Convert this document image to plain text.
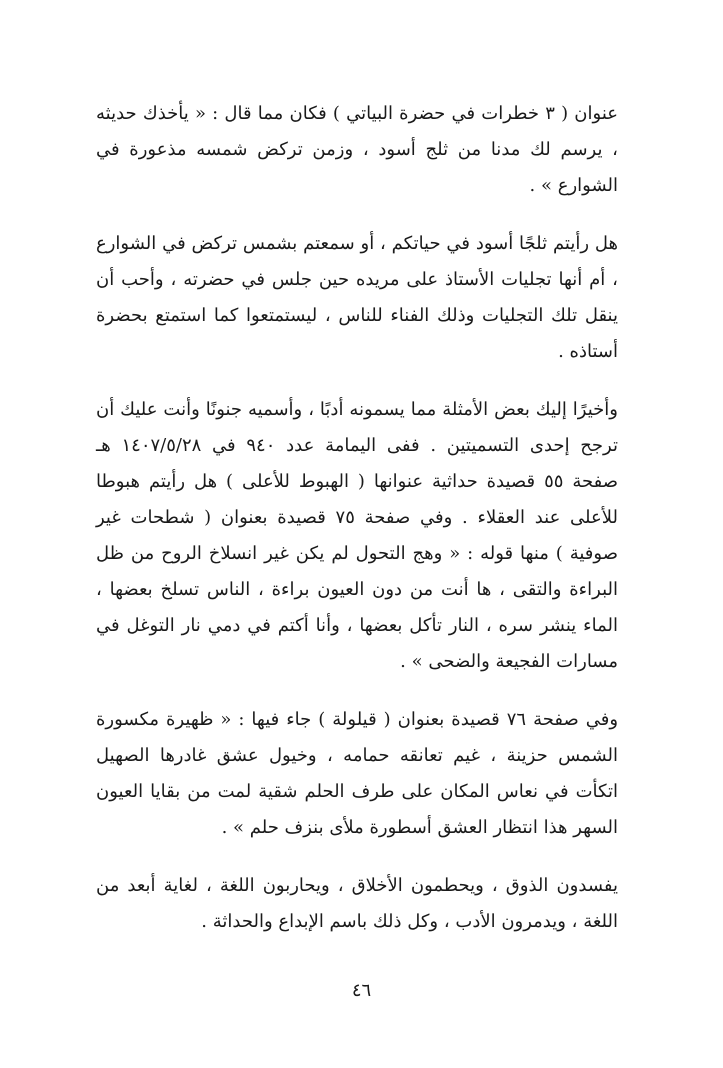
عنوان ( ٣ خطرات في حضرة البياتي ) فكان مما قال : « يأخذك حديثه ، يرسم لك مدنا من ثلج أسود ، وزمن تركض شمسه مذعورة في الشوارع » .

هل رأيتم ثلجًا أسود في حياتكم ، أو سمعتم بشمس تركض في الشوارع ، أم أنها تجليات الأستاذ على مريده حين جلس في حضرته ، وأحب أن ينقل تلك التجليات وذلك الفناء للناس ، ليستمتعوا كما استمتع بحضرة أستاذه .

وأخيرًا إليك بعض الأمثلة مما يسمونه أدبًا ، وأسميه جنونًا وأنت عليك أن ترجح إحدى التسميتين . ففى اليمامة عدد ٩٤٠ في ١٤٠٧/٥/٢٨ هـ صفحة ٥٥ قصيدة حداثية عنوانها ( الهبوط للأعلى ) هل رأيتم هبوطا للأعلى عند العقلاء . وفي صفحة ٧٥ قصيدة بعنوان ( شطحات غير صوفية ) منها قوله : « وهج التحول لم يكن غير انسلاخ الروح من ظل البراءة والتقى ، ها أنت من دون العيون براءة ، الناس تسلخ بعضها ، الماء ينشر سره ، النار تأكل بعضها ، وأنا أكتم في دمي نار التوغل في مسارات الفجيعة والضحى » .

وفي صفحة ٧٦ قصيدة بعنوان ( قيلولة ) جاء فيها : « ظهيرة مكسورة الشمس حزينة ، غيم تعانقه حمامه ، وخيول عشق غادرها الصهيل اتكأت في نعاس المكان على طرف الحلم شقية لمت من بقايا العيون السهر هذا انتظار العشق أسطورة ملأى بنزف حلم » .

يفسدون الذوق ، ويحطمون الأخلاق ، ويحاربون اللغة ، لغاية أبعد من اللغة ، ويدمرون الأدب ، وكل ذلك باسم الإبداع والحداثة .

٤٦
